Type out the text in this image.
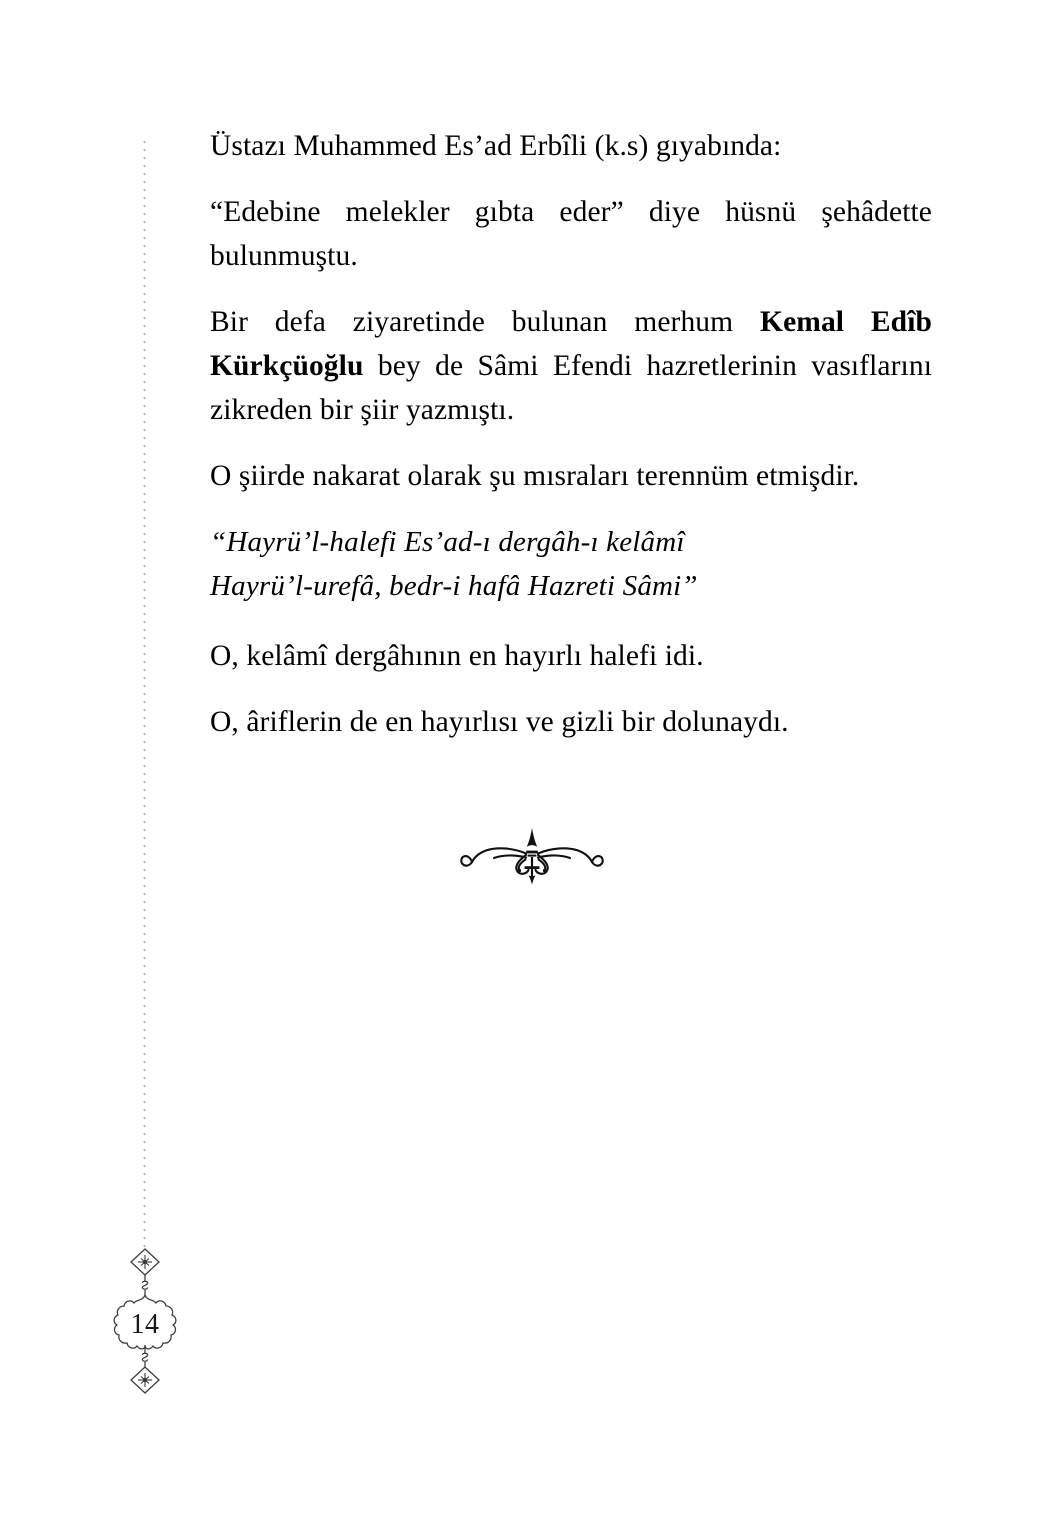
Üstazı Muhammed Es’ad Erbîli (k.s) gıyabında:

“Edebine melekler gıbta eder” diye hüsnü şehâdette bulunmuştu.

Bir defa ziyaretinde bulunan merhum Kemal Edîb Kürkçüoğlu bey de Sâmi Efendi hazretlerinin vasıflarını zikreden bir şiir yazmıştı.

O şiirde nakarat olarak şu mısraları terennüm etmişdir.

“Hayrü’l-halefi Es’ad-ı dergâh-ı kelâmî

Hayrü’l-urefâ, bedr-i hafâ Hazreti Sâmi”

O, kelâmî dergâhının en hayırlı halefi idi.

O, âriflerin de en hayırlısı ve gizli bir dolunaydı.

14
